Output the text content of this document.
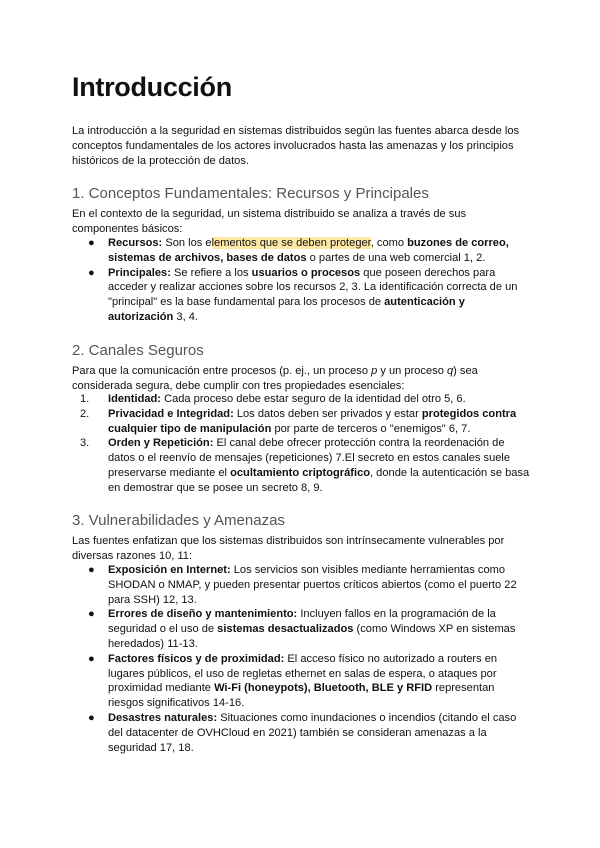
Introducción

La introducción a la seguridad en sistemas distribuidos según las fuentes abarca desde los conceptos fundamentales de los actores involucrados hasta las amenazas y los principios históricos de la protección de datos.

1. Conceptos Fundamentales: Recursos y Principales

En el contexto de la seguridad, un sistema distribuido se analiza a través de sus componentes básicos:

● Recursos: Son los elementos que se deben proteger, como buzones de correo, sistemas de archivos, bases de datos o partes de una web comercial 1, 2.
● Principales: Se refiere a los usuarios o procesos que poseen derechos para acceder y realizar acciones sobre los recursos 2, 3. La identificación correcta de un "principal" es la base fundamental para los procesos de autenticación y autorización 3, 4.
2. Canales Seguros

Para que la comunicación entre procesos (p. ej., un proceso p y un proceso q) sea considerada segura, debe cumplir con tres propiedades esenciales:

1. Identidad: Cada proceso debe estar seguro de la identidad del otro 5, 6.
2. Privacidad e Integridad: Los datos deben ser privados y estar protegidos contra cualquier tipo de manipulación por parte de terceros o "enemigos" 6, 7.
3. Orden y Repetición: El canal debe ofrecer protección contra la reordenación de datos o el reenvío de mensajes (repeticiones) 7.El secreto en estos canales suele preservarse mediante el ocultamiento criptográfico, donde la autenticación se basa en demostrar que se posee un secreto 8, 9.
3. Vulnerabilidades y Amenazas

Las fuentes enfatizan que los sistemas distribuidos son intrínsecamente vulnerables por diversas razones 10, 11:

● Exposición en Internet: Los servicios son visibles mediante herramientas como SHODAN o NMAP, y pueden presentar puertos críticos abiertos (como el puerto 22 para SSH) 12, 13.
● Errores de diseño y mantenimiento: Incluyen fallos en la programación de la seguridad o el uso de sistemas desactualizados (como Windows XP en sistemas heredados) 11-13.
● Factores físicos y de proximidad: El acceso físico no autorizado a routers en lugares públicos, el uso de regletas ethernet en salas de espera, o ataques por proximidad mediante Wi-Fi (honeypots), Bluetooth, BLE y RFID representan riesgos significativos 14-16.
● Desastres naturales: Situaciones como inundaciones o incendios (citando el caso del datacenter de OVHCloud en 2021) también se consideran amenazas a la seguridad 17, 18.
